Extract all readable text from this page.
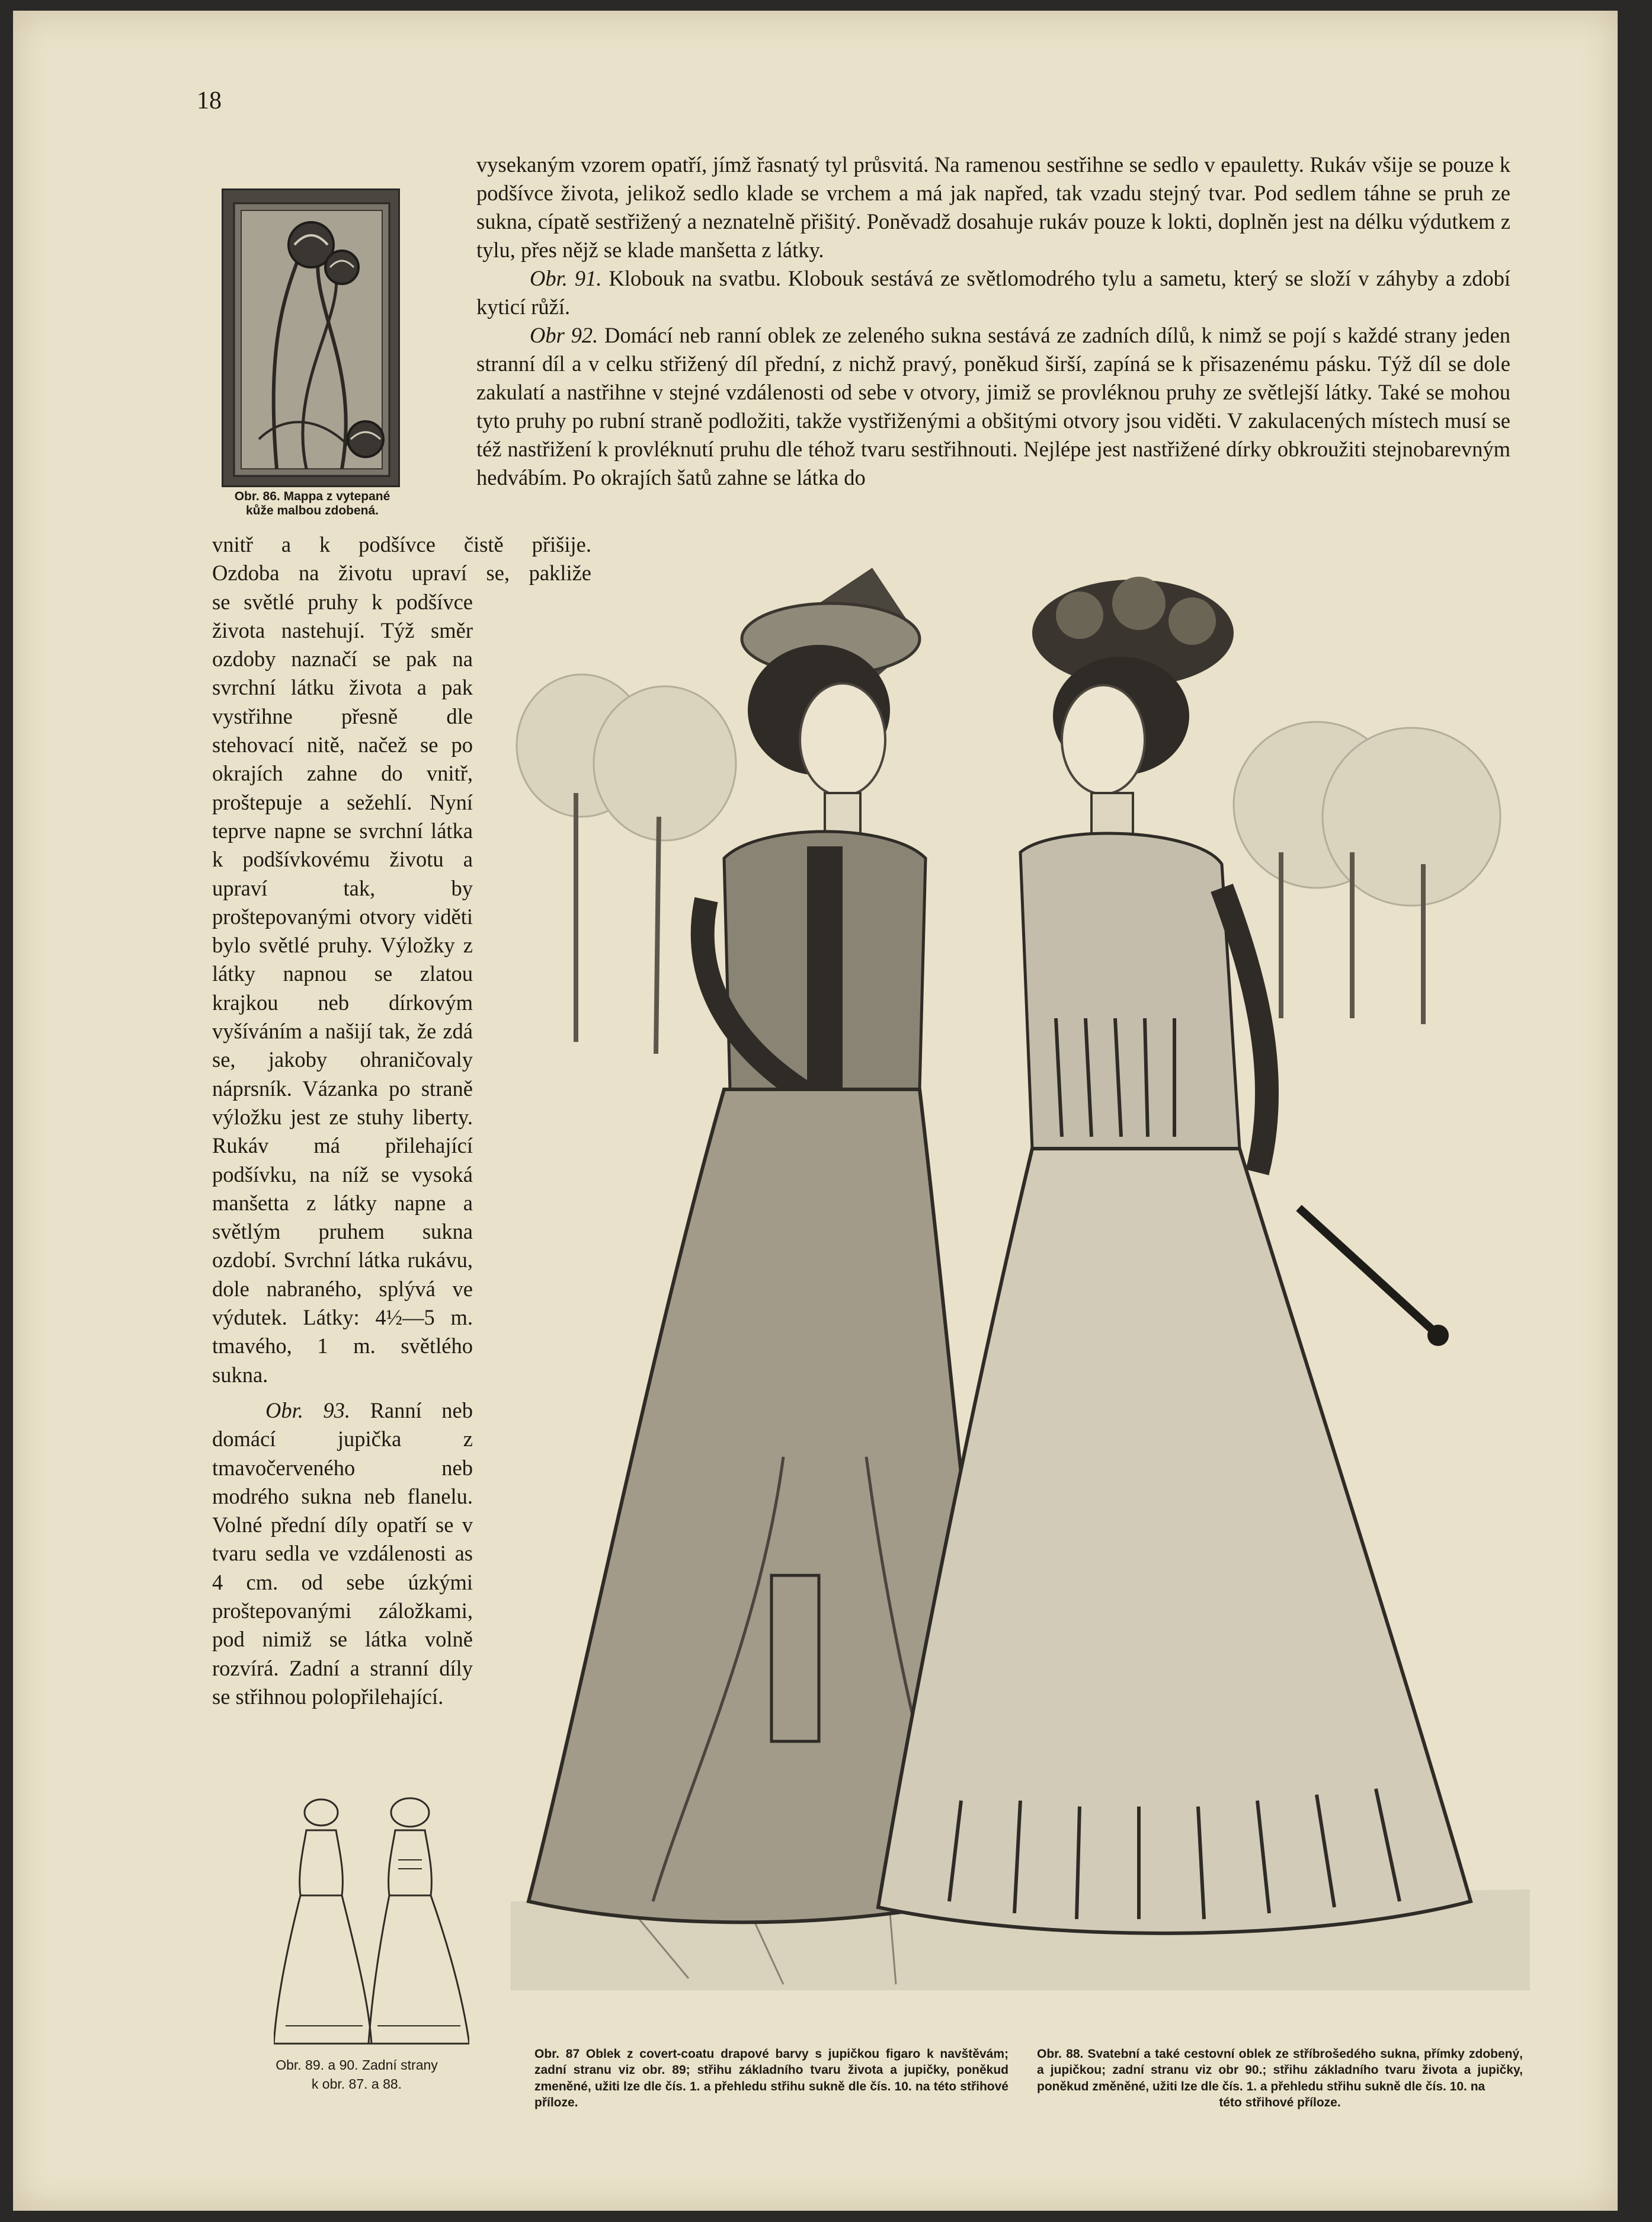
18
Obr. 86. Mappa z vytepané
kůže malbou zdobená.

vysekaným vzorem opatří, jímž řasnatý tyl průsvitá. Na ramenou sestřihne se sedlo v epauletty. Rukáv všije se pouze k podšívce života, jelikož sedlo klade se vrchem a má jak napřed, tak vzadu stejný tvar. Pod sedlem táhne se pruh ze sukna, cípatě sestřižený a neznatelně přišitý. Poněvadž dosahuje rukáv pouze k lokti, doplněn jest na délku výdutkem z tylu, přes nějž se klade manšetta z látky.

Obr. 91. Klobouk na svatbu. Klobouk sestává ze světlomodrého tylu a sametu, který se složí v záhyby a zdobí kyticí růží.

Obr 92. Domácí neb ranní oblek ze zeleného sukna sestává ze zadních dílů, k nimž se pojí s každé strany jeden stranní díl a v celku střižený díl přední, z nichž pravý, poněkud širší, zapíná se k přisazenému pásku. Týž díl se dole zakulatí a nastřihne v stejné vzdálenosti od sebe v otvory, jimiž se provléknou pruhy ze světlejší látky. Také se mohou tyto pruhy po rubní straně podložiti, takže vystřiženými a obšitými otvory jsou viděti. V zakulacených místech musí se též nastřižení k provléknutí pruhu dle téhož tvaru sestřihnouti. Nejlépe jest nastřižené dírky obkroužiti stejnobarevným hedvábím. Po okrajích šatů zahne se látka do

vnitř a k podšívce čistě přišije.
Ozdoba na životu upraví se, pakliže

se světlé pruhy k podšívce života nastehují. Týž směr ozdoby naznačí se pak na svrchní látku života a pak vystřihne přesně dle stehovací nitě, načež se po okrajích zahne do vnitř, proštepuje a sežehlí. Nyní teprve napne se svrchní látka k podšívkovému životu a upraví tak, by proštepovanými otvory viděti bylo světlé pruhy. Výložky z látky napnou se zlatou krajkou neb dírkovým vyšíváním a našijí tak, že zdá se, jakoby ohraničovaly náprsník. Vázanka po straně výložku jest ze stuhy liberty. Rukáv má přilehající podšívku, na níž se vysoká manšetta z látky napne a světlým pruhem sukna ozdobí. Svrchní látka rukávu, dole nabraného, splývá ve výdutek. Látky: 4½—5 m. tmavého, 1 m. světlého sukna.

Obr. 93. Ranní neb domácí jupička z tmavočerveného neb modrého sukna neb flanelu. Volné přední díly opatří se v tvaru sedla ve vzdálenosti as 4 cm. od sebe úzkými proštepovanými záložkami, pod nimiž se látka volně rozvírá. Zadní a stranní díly se střihnou polopřilehající.

Obr. 89. a 90. Zadní strany
k obr. 87. a 88.
Obr. 87 Oblek z covert-coatu drapové barvy s jupičkou figaro k navštěvám; zadní stranu viz obr. 89; střihu základního tvaru života a jupičky, poněkud zmeněné, užiti lze dle čís. 1. a přehledu střihu sukně dle čís. 10. na této střihové příloze.
Obr. 88. Svatební a také cestovní oblek ze stříbrošedého sukna, přímky zdobený, a jupičkou; zadní stranu viz obr 90.; střihu základního tvaru života a jupičky, poněkud změněné, užiti lze dle čís. 1. a přehledu střihu sukně dle čís. 10. na
této střihové příloze.
